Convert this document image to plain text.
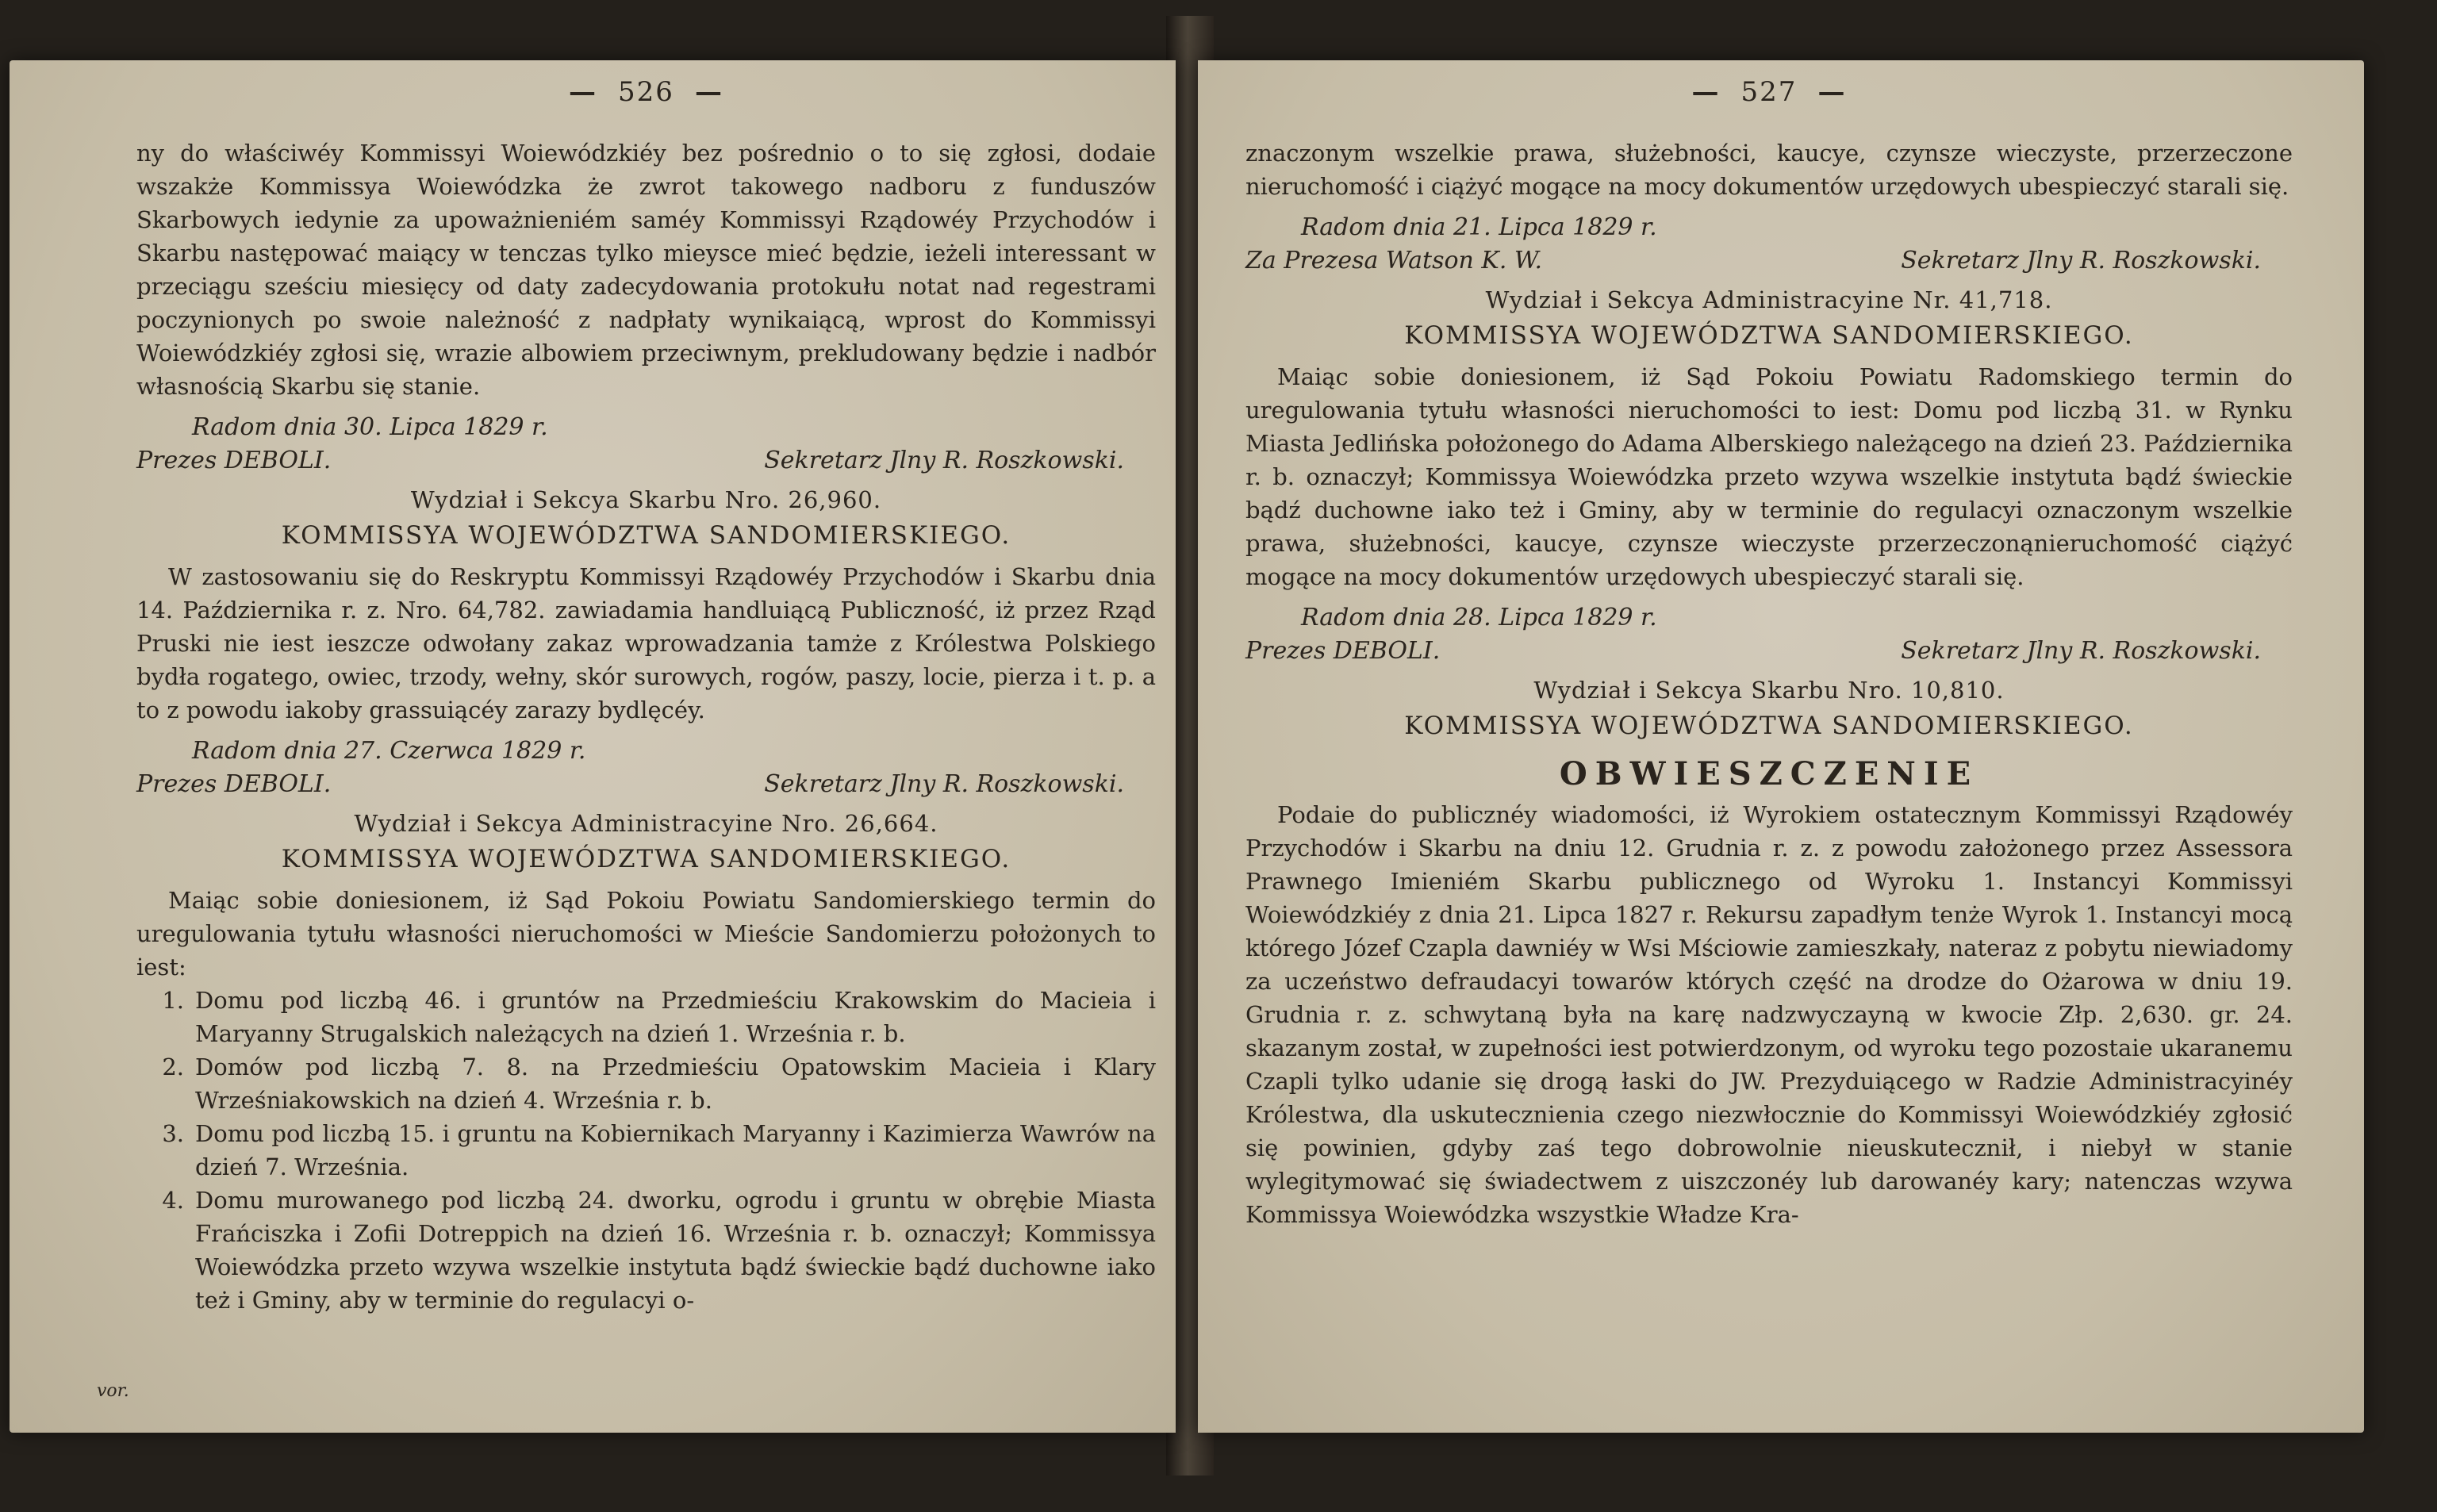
— 526 —

ny do właściwéy Kommissyi Woiewódzkiéy bez pośrednio o to się zgłosi, dodaie wszakże Kommissya Woiewódzka że zwrot takowego nadboru z funduszów Skarbowych iedynie za upoważnieniém saméy Kommissyi Rządowéy Przychodów i Skarbu następować maiący w tenczas tylko mieysce mieć będzie, ieżeli interessant w przeciągu sześciu miesięcy od daty zadecydowania protokułu notat nad regestrami poczynionych po swoie należność z nadpłaty wynikaiącą, wprost do Kommissyi Woiewódzkiéy zgłosi się, wrazie albowiem przeciwnym, prekludowany będzie i nadbór własnością Skarbu się stanie.

Radom dnia 30. Lipca 1829 r.
Prezes DEBOLI.	Sekretarz Jlny R. Roszkowski.
Wydział i Sekcya Skarbu Nro. 26,960.
KOMMISSYA WOJEWÓDZTWA SANDOMIERSKIEGO.

W zastosowaniu się do Reskryptu Kommissyi Rządowéy Przychodów i Skarbu dnia 14. Października r. z. Nro. 64,782. zawiadamia handluiącą Publiczność, iż przez Rząd Pruski nie iest ieszcze odwołany zakaz wprowadzania tamże z Królestwa Polskiego bydła rogatego, owiec, trzody, wełny, skór surowych, rogów, paszy, locie, pierza i t. p. a to z powodu iakoby grassuiącéy zarazy bydlęcéy.

Radom dnia 27. Czerwca 1829 r.
Prezes DEBOLI.	Sekretarz Jlny R. Roszkowski.
Wydział i Sekcya Administracyine Nro. 26,664.
KOMMISSYA WOJEWÓDZTWA SANDOMIERSKIEGO.

Maiąc sobie doniesionem, iż Sąd Pokoiu Powiatu Sandomierskiego termin do uregulowania tytułu własności nieruchomości w Mieście Sandomierzu położonych to iest:

1. Domu pod liczbą 46. i gruntów na Przedmieściu Krakowskim do Macieia i Maryanny Strugalskich należących na dzień 1. Września r. b.
2. Domów pod liczbą 7. 8. na Przedmieściu Opatowskim Macieia i Klary Wrześniakowskich na dzień 4. Września r. b.
3. Domu pod liczbą 15. i gruntu na Kobiernikach Maryanny i Kazimierza Wawrów na dzień 7. Września.
4. Domu murowanego pod liczbą 24. dworku, ogrodu i gruntu w obrębie Miasta Frańciszka i Zofii Dotreppich na dzień 16. Września r. b. oznaczył; Kommissya Woiewódzka przeto wzywa wszelkie instytuta bądź świeckie bądź duchowne iako też i Gminy, aby w terminie do regulacyi o-
vor.
— 527 —

znaczonym wszelkie prawa, służebności, kaucye, czynsze wieczyste, przerzeczone nieruchomość i ciążyć mogące na mocy dokumentów urzędowych ubespieczyć starali się.

Radom dnia 21. Lipca 1829 r.
Za Prezesa Watson K. W.	Sekretarz Jlny R. Roszkowski.
Wydział i Sekcya Administracyine Nr. 41,718.
KOMMISSYA WOJEWÓDZTWA SANDOMIERSKIEGO.

Maiąc sobie doniesionem, iż Sąd Pokoiu Powiatu Radomskiego termin do uregulowania tytułu własności nieruchomości to iest: Domu pod liczbą 31. w Rynku Miasta Jedlińska położonego do Adama Alberskiego należącego na dzień 23. Października r. b. oznaczył; Kommissya Woiewódzka przeto wzywa wszelkie instytuta bądź świeckie bądź duchowne iako też i Gminy, aby w terminie do regulacyi oznaczonym wszelkie prawa, służebności, kaucye, czynsze wieczyste przerzeczonąnieruchomość ciążyć mogące na mocy dokumentów urzędowych ubespieczyć starali się.

Radom dnia 28. Lipca 1829 r.
Prezes DEBOLI.	Sekretarz Jlny R. Roszkowski.
Wydział i Sekcya Skarbu Nro. 10,810.
KOMMISSYA WOJEWÓDZTWA SANDOMIERSKIEGO.
OBWIESZCZENIE

Podaie do publicznéy wiadomości, iż Wyrokiem ostatecznym Kommissyi Rządowéy Przychodów i Skarbu na dniu 12. Grudnia r. z. z powodu założonego przez Assessora Prawnego Imieniém Skarbu publicznego od Wyroku 1. Instancyi Kommissyi Woiewódzkiéy z dnia 21. Lipca 1827 r. Rekursu zapadłym tenże Wyrok 1. Instancyi mocą którego Józef Czapla dawniéy w Wsi Mściowie zamieszkały, nateraz z pobytu niewiadomy za uczeństwo defraudacyi towarów których część na drodze do Ożarowa w dniu 19. Grudnia r. z. schwytaną była na karę nadzwyczayną w kwocie Złp. 2,630. gr. 24. skazanym został, w zupełności iest potwierdzonym, od wyroku tego pozostaie ukaranemu Czapli tylko udanie się drogą łaski do JW. Prezyduiącego w Radzie Administracyinéy Królestwa, dla uskutecznienia czego niezwłocznie do Kommissyi Woiewódzkiéy zgłosić się powinien, gdyby zaś tego dobrowolnie nieuskutecznił, i niebył w stanie wylegitymować się świadectwem z uiszczonéy lub darowanéy kary; natenczas wzywa Kommissya Woiewódzka wszystkie Władze Kra-
